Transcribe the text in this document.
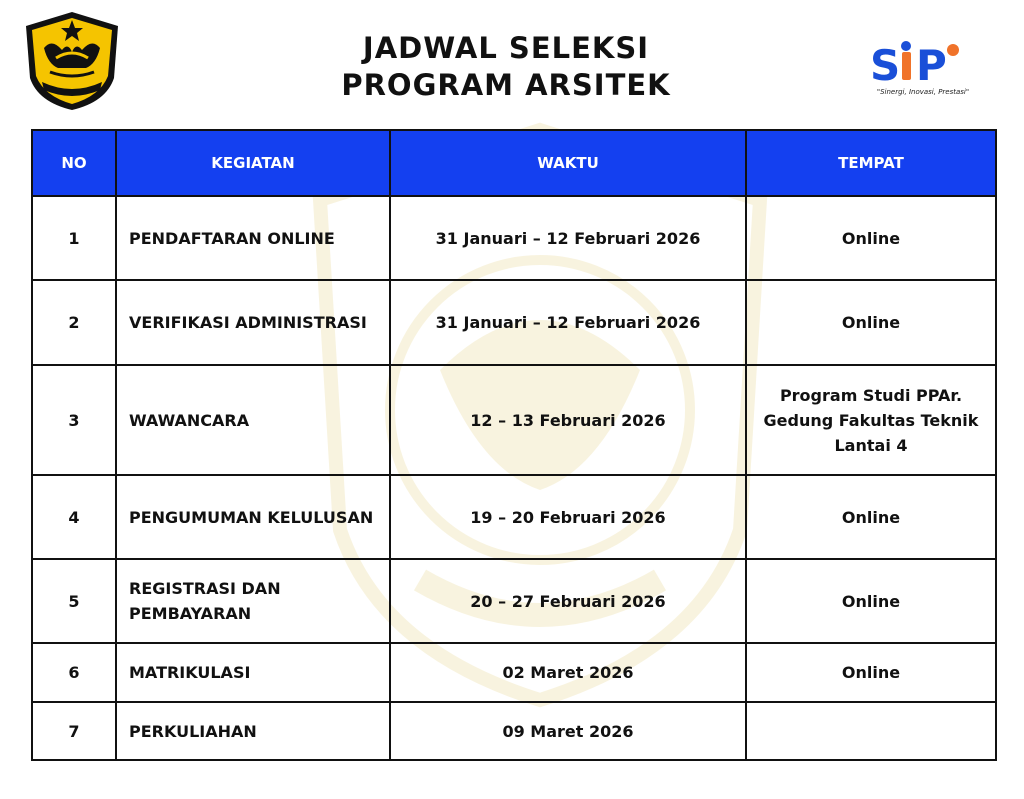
JADWAL SELEKSI
PROGRAM ARSITEK	S P
"Sinergi, Inovasi, Prestasi"
NO	KEGIATAN	WAKTU	TEMPAT
1	PENDAFTARAN ONLINE	31 Januari – 12 Februari 2026	Online
2	VERIFIKASI ADMINISTRASI	31 Januari – 12 Februari 2026	Online
3	WAWANCARA	12 – 13 Februari 2026	Program Studi PPAr. Gedung Fakultas Teknik Lantai 4
4	PENGUMUMAN KELULUSAN	19 – 20 Februari 2026	Online
5	REGISTRASI DAN PEMBAYARAN	20 – 27 Februari 2026	Online
6	MATRIKULASI	02 Maret 2026	Online
7	PERKULIAHAN	09 Maret 2026	
